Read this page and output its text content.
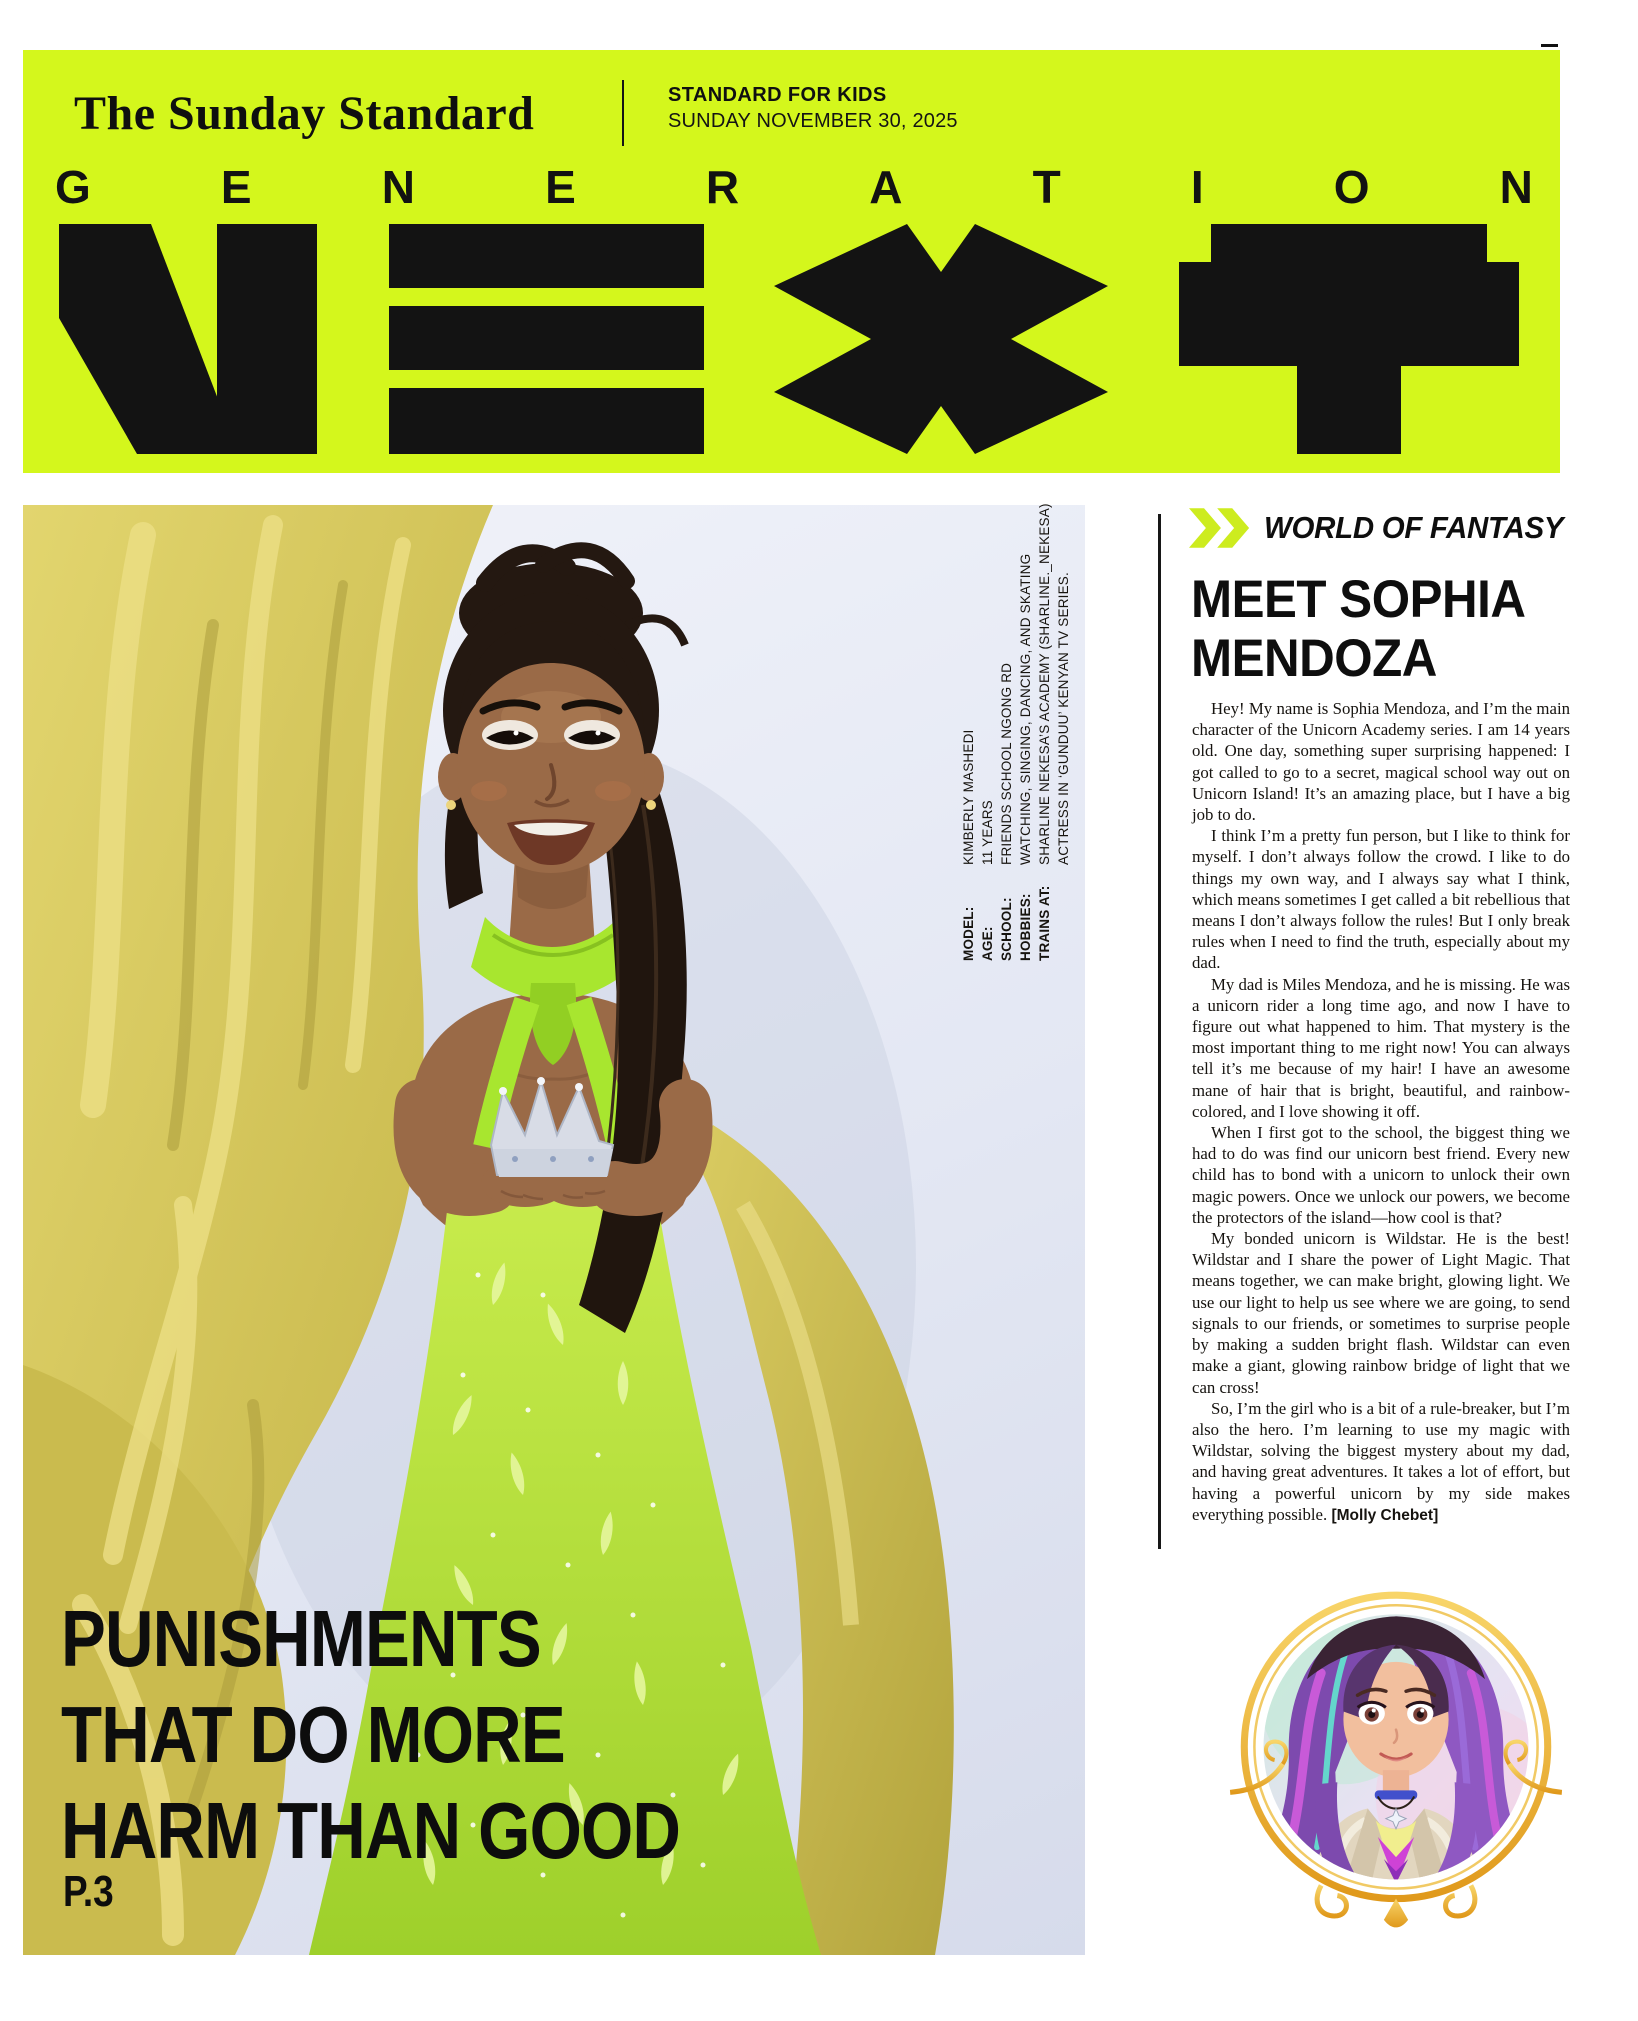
The Sunday Standard	STANDARD FOR KIDS
SUNDAY NOVEMBER 30, 2025
G	E	N	E	R	A	T	I	O	N
MODEL:
KIMBERLY MASHEDI
AGE:
11 YEARS
SCHOOL:
FRIENDS SCHOOL NGONG RD
HOBBIES:
WATCHING, SINGING, DANCING, AND SKATING
TRAINS AT:
SHARLINE NEKESA’S ACADEMY (SHARLINE._NEKESA) ACTRESS IN ‘GUNDUU’ KENYAN TV SERIES.
PUNISHMENTS
THAT DO MORE
HARM THAN GOOD
P.3
WORLD OF FANTASY
MEET SOPHIA MENDOZA

Hey! My name is Sophia Mendoza, and I’m the main character of the Unicorn Academy series. I am 14 years old. One day, something super surprising happened: I got called to go to a secret, magical school way out on Unicorn Island! It’s an amazing place, but I have a big job to do.

I think I’m a pretty fun person, but I like to think for myself. I don’t always follow the crowd. I like to do things my own way, and I always say what I think, which means sometimes I get called a bit rebellious that means I don’t always follow the rules! But I only break rules when I need to find the truth, especially about my dad.

My dad is Miles Mendoza, and he is missing. He was a unicorn rider a long time ago, and now I have to figure out what happened to him. That mystery is the most important thing to me right now! You can always tell it’s me because of my hair! I have an awesome mane of hair that is bright, beautiful, and rainbow-colored, and I love showing it off.

When I first got to the school, the biggest thing we had to do was find our unicorn best friend. Every new child has to bond with a unicorn to unlock their own magic powers. Once we unlock our powers, we become the protectors of the island—how cool is that?

My bonded unicorn is Wildstar. He is the best! Wildstar and I share the power of Light Magic. That means together, we can make bright, glowing light. We use our light to help us see where we are going, to send signals to our friends, or sometimes to surprise people by making a sudden bright flash. Wildstar can even make a giant, glowing rainbow bridge of light that we can cross!

So, I’m the girl who is a bit of a rule-breaker, but I’m also the hero. I’m learning to use my magic with Wildstar, solving the biggest mystery about my dad, and having great adventures. It takes a lot of effort, but having a powerful unicorn by my side makes everything possible. [Molly Chebet]
